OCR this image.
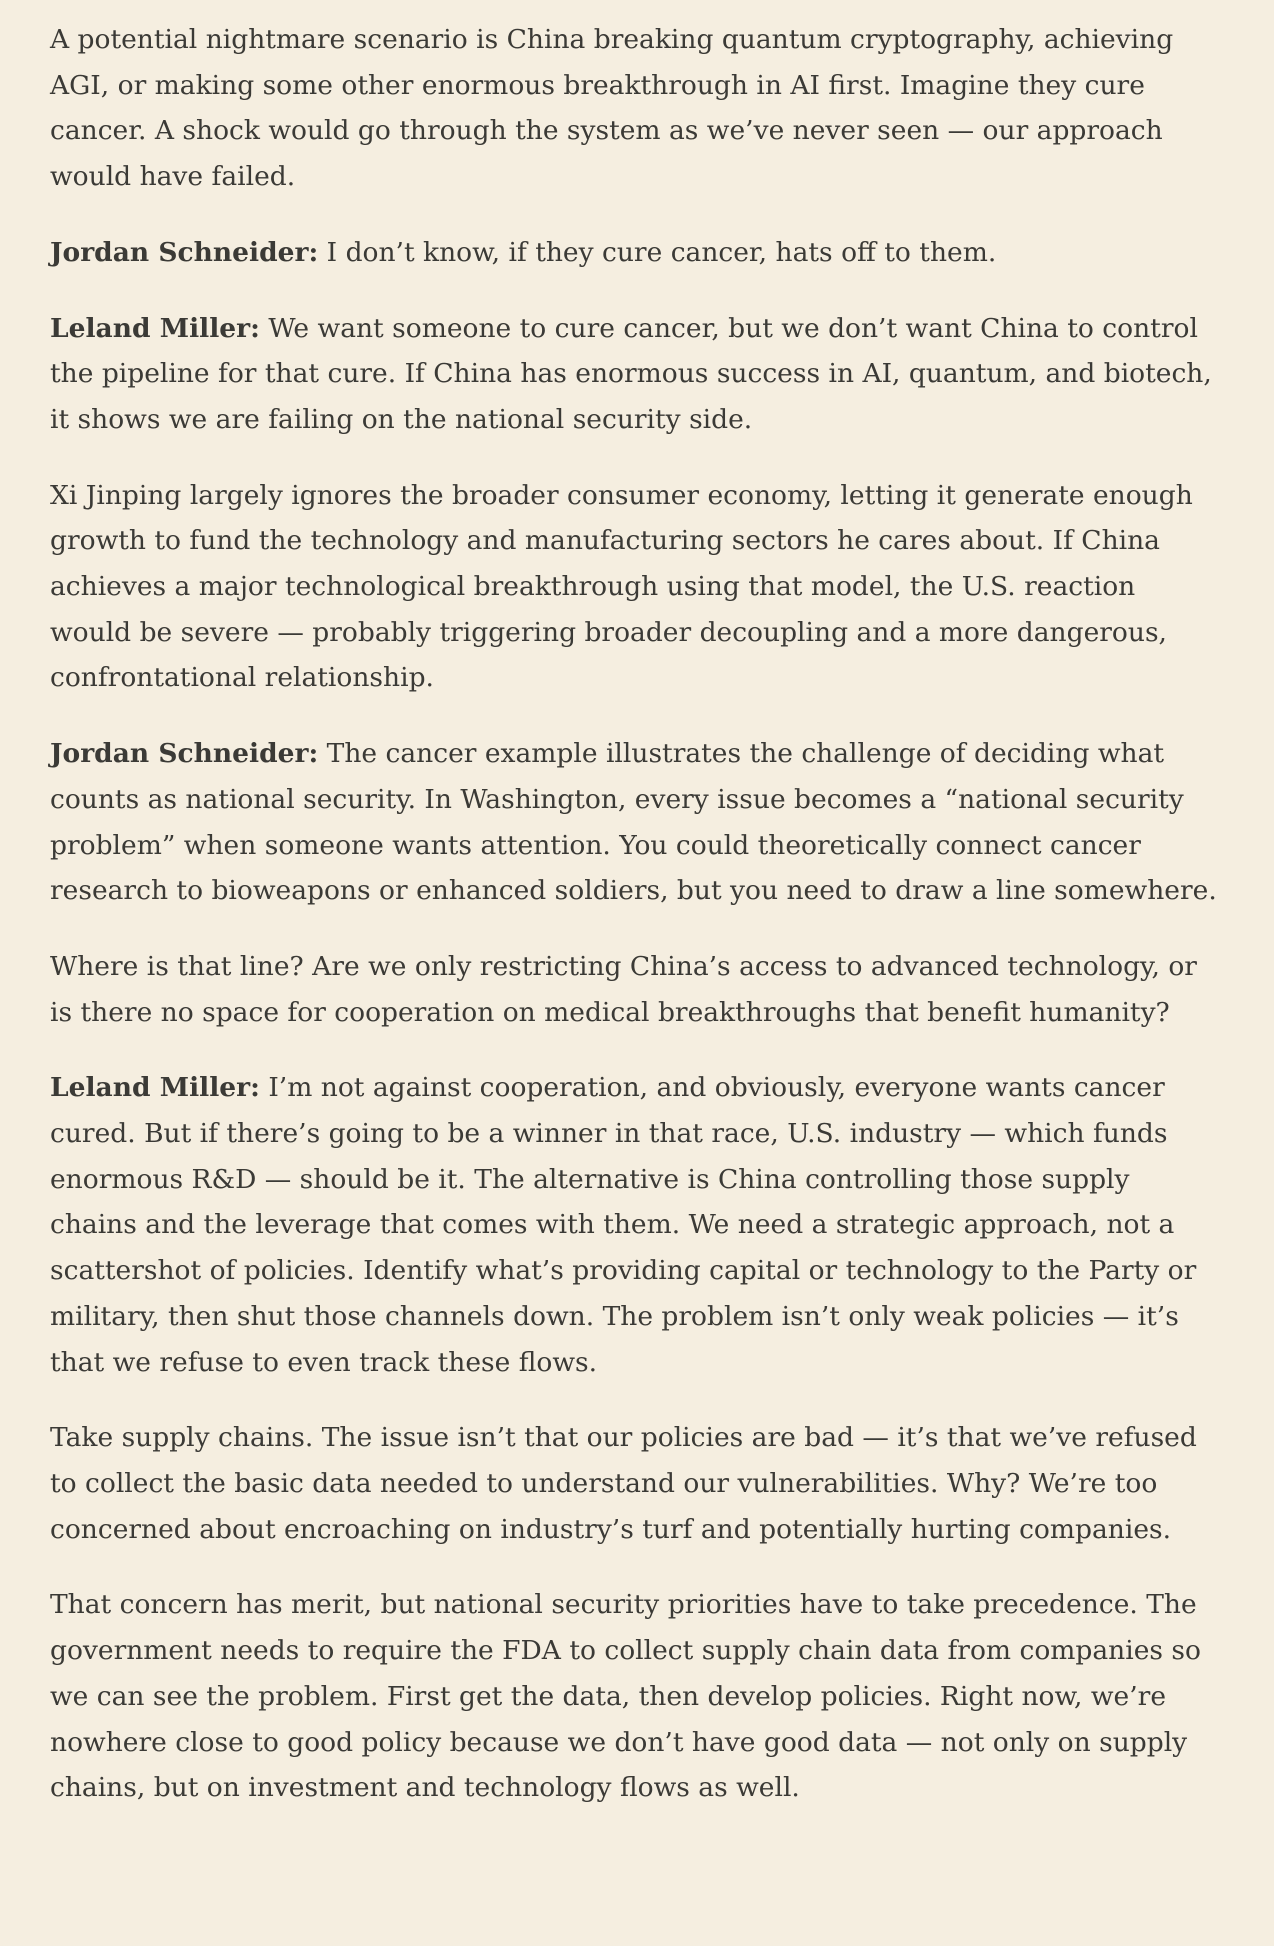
A potential nightmare scenario is China breaking quantum cryptography, achieving AGI, or making some other enormous breakthrough in AI first. Imagine they cure cancer. A shock would go through the system as we’ve never seen — our approach would have failed.

Jordan Schneider: I don’t know, if they cure cancer, hats off to them.

Leland Miller: We want someone to cure cancer, but we don’t want China to control the pipeline for that cure. If China has enormous success in AI, quantum, and biotech, it shows we are failing on the national security side.

Xi Jinping largely ignores the broader consumer economy, letting it generate enough growth to fund the technology and manufacturing sectors he cares about. If China achieves a major technological breakthrough using that model, the U.S. reaction would be severe — probably triggering broader decoupling and a more dangerous, confrontational relationship.

Jordan Schneider: The cancer example illustrates the challenge of deciding what counts as national security. In Washington, every issue becomes a “national security problem” when someone wants attention. You could theoretically connect cancer research to bioweapons or enhanced soldiers, but you need to draw a line somewhere.

Where is that line? Are we only restricting China’s access to advanced technology, or is there no space for cooperation on medical breakthroughs that benefit humanity?

Leland Miller: I’m not against cooperation, and obviously, everyone wants cancer cured. But if there’s going to be a winner in that race, U.S. industry — which funds enormous R&D — should be it. The alternative is China controlling those supply chains and the leverage that comes with them. We need a strategic approach, not a scattershot of policies. Identify what’s providing capital or technology to the Party or military, then shut those channels down. The problem isn’t only weak policies — it’s that we refuse to even track these flows.

Take supply chains. The issue isn’t that our policies are bad — it’s that we’ve refused to collect the basic data needed to understand our vulnerabilities. Why? We’re too concerned about encroaching on industry’s turf and potentially hurting companies.

That concern has merit, but national security priorities have to take precedence. The government needs to require the FDA to collect supply chain data from companies so we can see the problem. First get the data, then develop policies. Right now, we’re nowhere close to good policy because we don’t have good data — not only on supply chains, but on investment and technology flows as well.
